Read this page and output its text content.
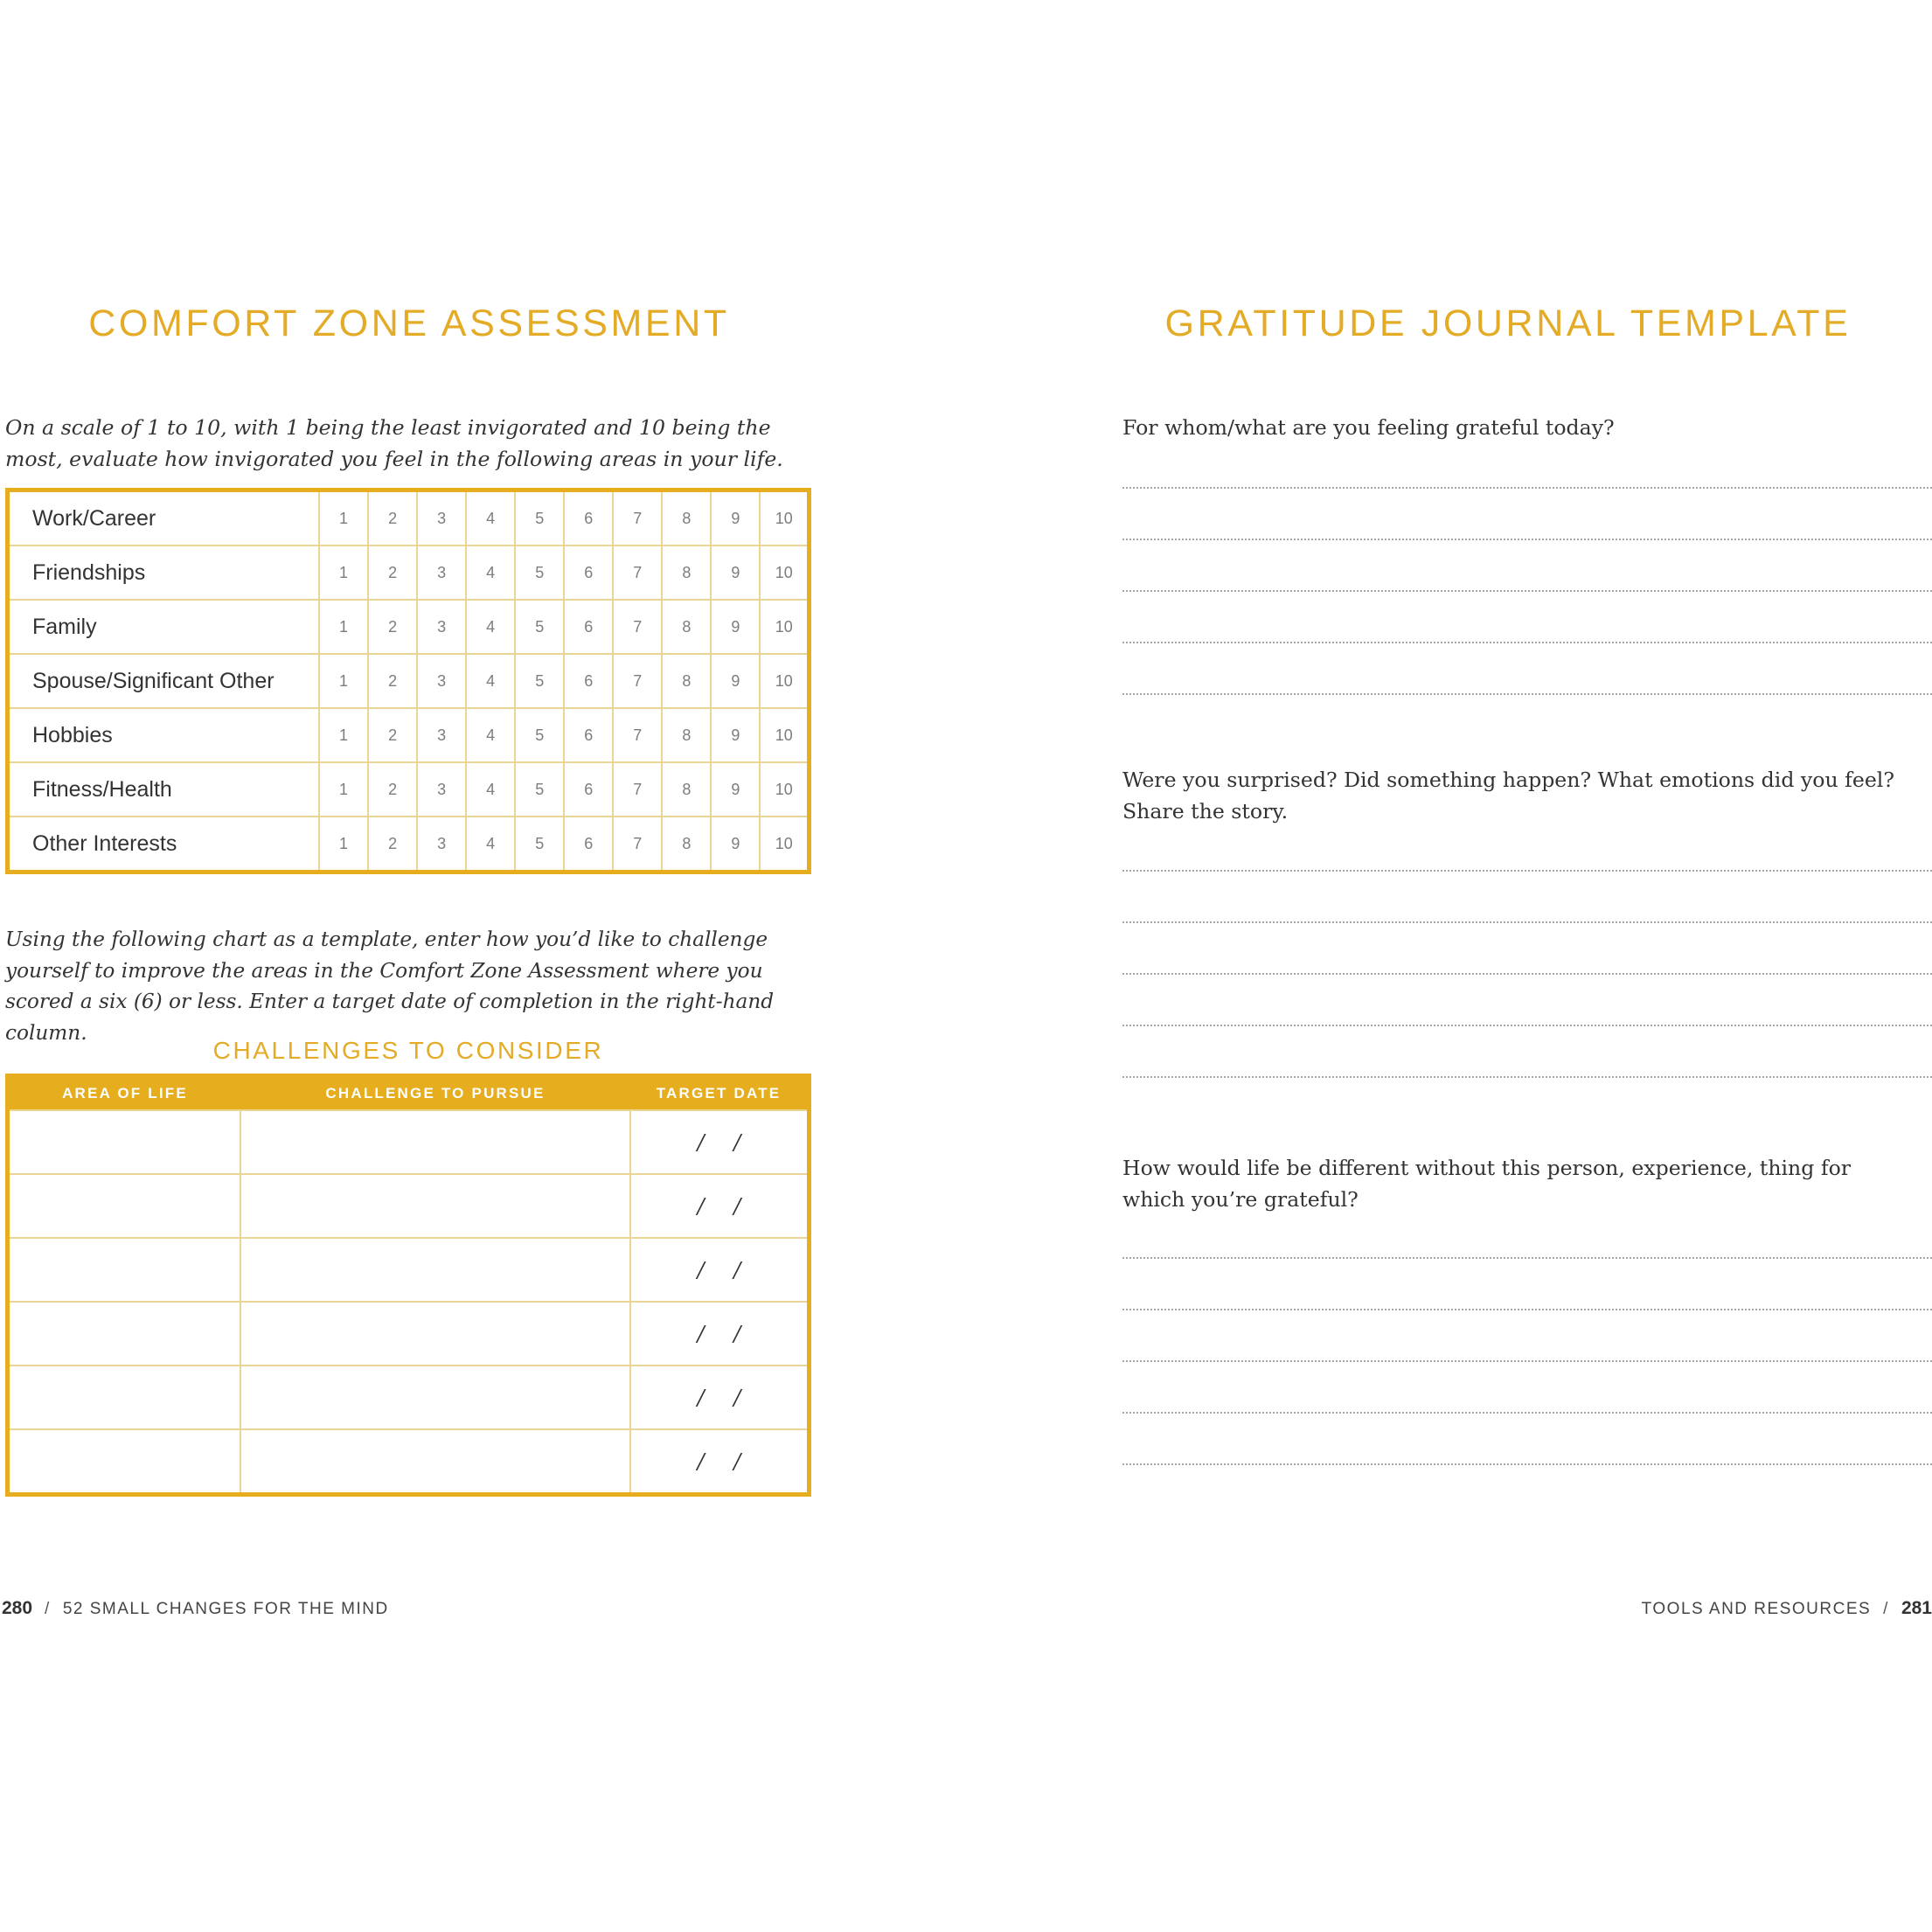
COMFORT ZONE ASSESSMENT

On a scale of 1 to 10, with 1 being the least invigorated and 10 being the most, evaluate how invigorated you feel in the following areas in your life.

Work/Career	1	2	3	4	5	6	7	8	9	10
Friendships	1	2	3	4	5	6	7	8	9	10
Family	1	2	3	4	5	6	7	8	9	10
Spouse/Significant Other	1	2	3	4	5	6	7	8	9	10
Hobbies	1	2	3	4	5	6	7	8	9	10
Fitness/Health	1	2	3	4	5	6	7	8	9	10
Other Interests	1	2	3	4	5	6	7	8	9	10

Using the following chart as a template, enter how you’d like to challenge yourself to improve the areas in the Comfort Zone Assessment where you scored a six (6) or less. Enter a target date of completion in the right-hand column.

CHALLENGES TO CONSIDER
AREA OF LIFE	CHALLENGE TO PURSUE	TARGET DATE
		/ /
		/ /
		/ /
		/ /
		/ /
		/ /
280 / 52 SMALL CHANGES FOR THE MIND
GRATITUDE JOURNAL TEMPLATE

For whom/what are you feeling grateful today?

Were you surprised? Did something happen? What emotions did you feel? Share the story.

How would life be different without this person, experience, thing for which you’re grateful?

TOOLS AND RESOURCES / 281
